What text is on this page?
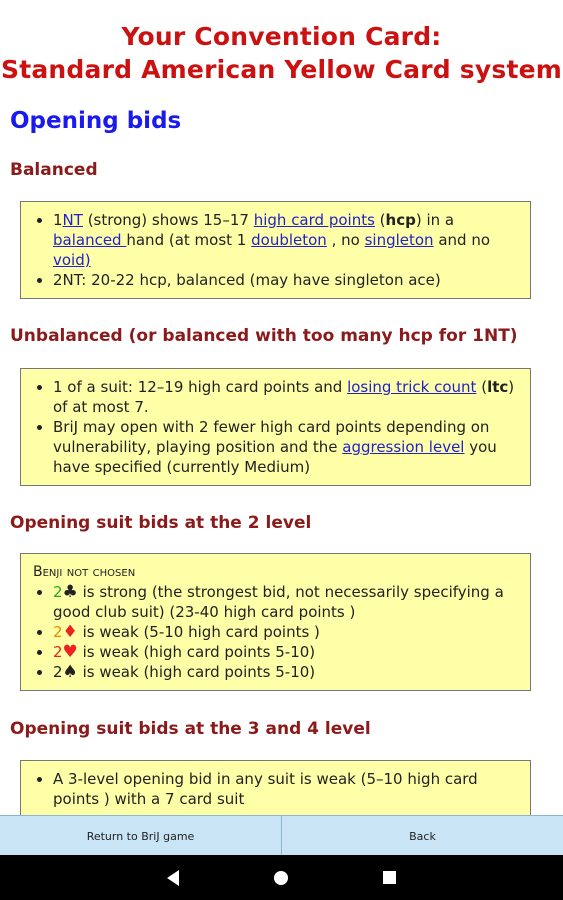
Your Convention Card:
Standard American Yellow Card system
Opening bids
Balanced
• 1NT (strong) shows 15–17 high card points (hcp) in a balanced hand (at most 1 doubleton , no singleton and no void)
• 2NT: 20-22 hcp, balanced (may have singleton ace)
Unbalanced (or balanced with too many hcp for 1NT)
• 1 of a suit: 12–19 high card points and losing trick count (ltc) of at most 7.
• BriJ may open with 2 fewer high card points depending on vulnerability, playing position and the aggression level you have specified (currently Medium)
Opening suit bids at the 2 level
Benji not chosen
• 2♣ is strong (the strongest bid, not necessarily specifying a good club suit) (23-40 high card points )
• 2♦ is weak (5-10 high card points )
• 2♥ is weak (high card points 5-10)
• 2♠ is weak (high card points 5-10)
Opening suit bids at the 3 and 4 level
• A 3-level opening bid in any suit is weak (5–10 high card points ) with a 7 card suit
Return to BriJ game	Back
